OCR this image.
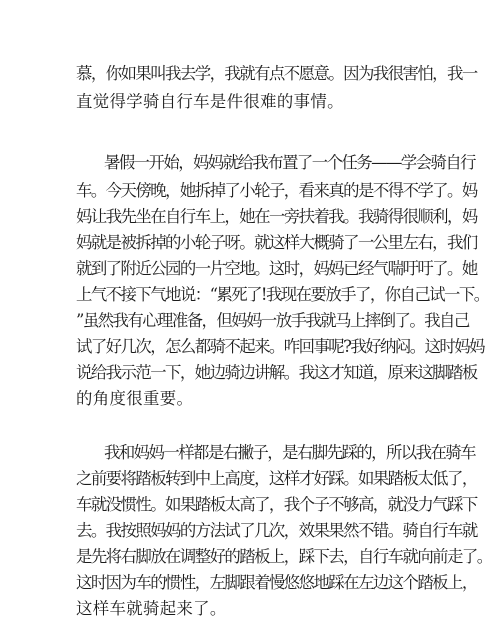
慕，你如果叫我去学，我就有点不愿意。因为我很害怕，我一
直觉得学骑自行车是件很难的事情。
暑假一开始，妈妈就给我布置了一个任务——学会骑自行
车。今天傍晚，她拆掉了小轮子，看来真的是不得不学了。妈
妈让我先坐在自行车上，她在一旁扶着我。我骑得很顺利，妈
妈就是被拆掉的小轮子呀。就这样大概骑了一公里左右，我们
就到了附近公园的一片空地。这时，妈妈已经气喘吁吁了。她
上气不接下气地说：“累死了!我现在要放手了，你自己试一下。
”虽然我有心理准备，但妈妈一放手我就马上摔倒了。我自己
试了好几次，怎么都骑不起来。咋回事呢?我好纳闷。这时妈妈
说给我示范一下，她边骑边讲解。我这才知道，原来这脚踏板
的角度很重要。
我和妈妈一样都是右撇子，是右脚先踩的，所以我在骑车
之前要将踏板转到中上高度，这样才好踩。如果踏板太低了，
车就没惯性。如果踏板太高了，我个子不够高，就没力气踩下
去。我按照妈妈的方法试了几次，效果果然不错。骑自行车就
是先将右脚放在调整好的踏板上，踩下去，自行车就向前走了。
这时因为车的惯性，左脚跟着慢悠悠地踩在左边这个踏板上，
这样车就骑起来了。
